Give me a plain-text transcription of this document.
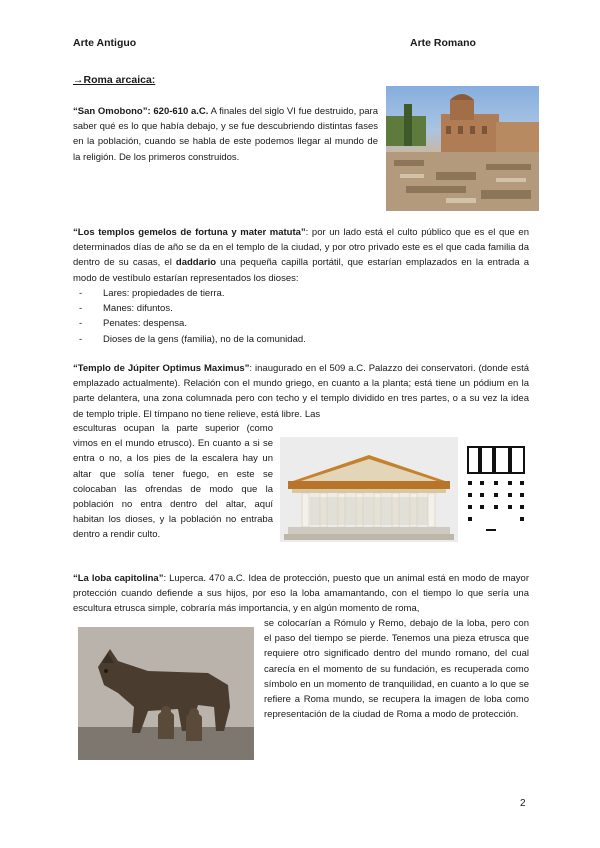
Arte Antiguo	Arte Romano
→Roma arcaica:

“San Omobono”: 620-610 a.C. A finales del siglo VI fue destruido, para saber qué es lo que había debajo, y se fue descubriendo distintas fases en la población, cuando se habla de este podemos llegar al mundo de la religión. De los primeros construidos.

“Los templos gemelos de fortuna y mater matuta”: por un lado está el culto público que es el que en determinados días de año se da en el templo de la ciudad, y por otro privado este es el que cada familia da dentro de su casas, el daddario una pequeña capilla portátil, que estarían emplazados en la entrada a modo de vestíbulo estarían representados los dioses:

- Lares: propiedades de tierra.
- Manes: difuntos.
- Penates: despensa.
- Dioses de la gens (familia), no de la comunidad.

“Templo de Júpiter Optimus Maximus”: inaugurado en el 509 a.C. Palazzo dei conservatori. (donde está emplazado actualmente). Relación con el mundo griego, en cuanto a la planta; está tiene un pódium en la parte delantera, una zona columnada pero con techo y el templo dividido en tres partes, o a su vez la idea de templo triple. El tímpano no tiene relieve, está libre. Las

esculturas ocupan la parte superior (como vimos en el mundo etrusco). En cuanto a si se entra o no, a los pies de la escalera hay un altar que solía tener fuego, en este se colocaban las ofrendas de modo que la población no entra dentro del altar, aquí habitan los dioses, y la población no entraba dentro a rendir culto.

“La loba capitolina”: Luperca. 470 a.C. Idea de protección, puesto que un animal está en modo de mayor protección cuando defiende a sus hijos, por eso la loba amamantando, con el tiempo lo que sería una escultura etrusca simple, cobraría más importancia, y en algún momento de roma,

se colocarían a Rómulo y Remo, debajo de la loba, pero con el paso del tiempo se pierde. Tenemos una pieza etrusca que requiere otro significado dentro del mundo romano, del cual carecía en el momento de su fundación, es recuperada como símbolo en un momento de tranquilidad, en cuanto a lo que se refiere a Roma mundo, se recupera la imagen de loba como representación de la ciudad de Roma a modo de protección.

2
